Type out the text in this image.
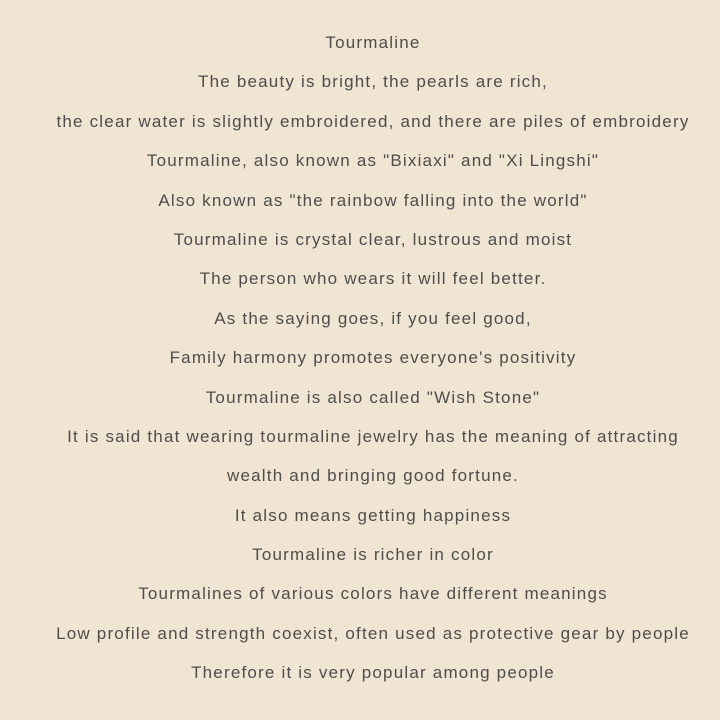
Tourmaline

The beauty is bright, the pearls are rich,

the clear water is slightly embroidered, and there are piles of embroidery

Tourmaline, also known as "Bixiaxi" and "Xi Lingshi"

Also known as "the rainbow falling into the world"

Tourmaline is crystal clear, lustrous and moist

The person who wears it will feel better.

As the saying goes, if you feel good,

Family harmony promotes everyone's positivity

Tourmaline is also called "Wish Stone"

It is said that wearing tourmaline jewelry has the meaning of attracting

wealth and bringing good fortune.

It also means getting happiness

Tourmaline is richer in color

Tourmalines of various colors have different meanings

Low profile and strength coexist, often used as protective gear by people

Therefore it is very popular among people
